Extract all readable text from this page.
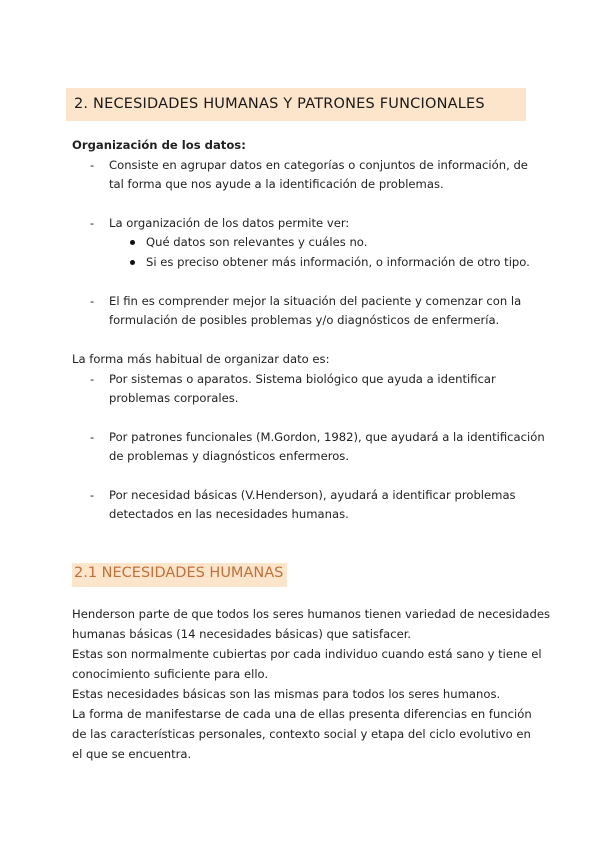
2. NECESIDADES HUMANAS Y PATRONES FUNCIONALES
Organización de los datos:
- Consiste en agrupar datos en categorías o conjuntos de información, de
tal forma que nos ayude a la identificación de problemas.
- La organización de los datos permite ver:
Qué datos son relevantes y cuáles no.
Si es preciso obtener más información, o información de otro tipo.
- El fin es comprender mejor la situación del paciente y comenzar con la
formulación de posibles problemas y/o diagnósticos de enfermería.
La forma más habitual de organizar dato es:
- Por sistemas o aparatos. Sistema biológico que ayuda a identificar
problemas corporales.
- Por patrones funcionales (M.Gordon, 1982), que ayudará a la identificación
de problemas y diagnósticos enfermeros.
- Por necesidad básicas (V.Henderson), ayudará a identificar problemas
detectados en las necesidades humanas.
2.1 NECESIDADES HUMANAS
Henderson parte de que todos los seres humanos tienen variedad de necesidades
humanas básicas (14 necesidades básicas) que satisfacer.
Estas son normalmente cubiertas por cada individuo cuando está sano y tiene el
conocimiento suficiente para ello.
Estas necesidades básicas son las mismas para todos los seres humanos.
La forma de manifestarse de cada una de ellas presenta diferencias en función
de las características personales, contexto social y etapa del ciclo evolutivo en
el que se encuentra.
